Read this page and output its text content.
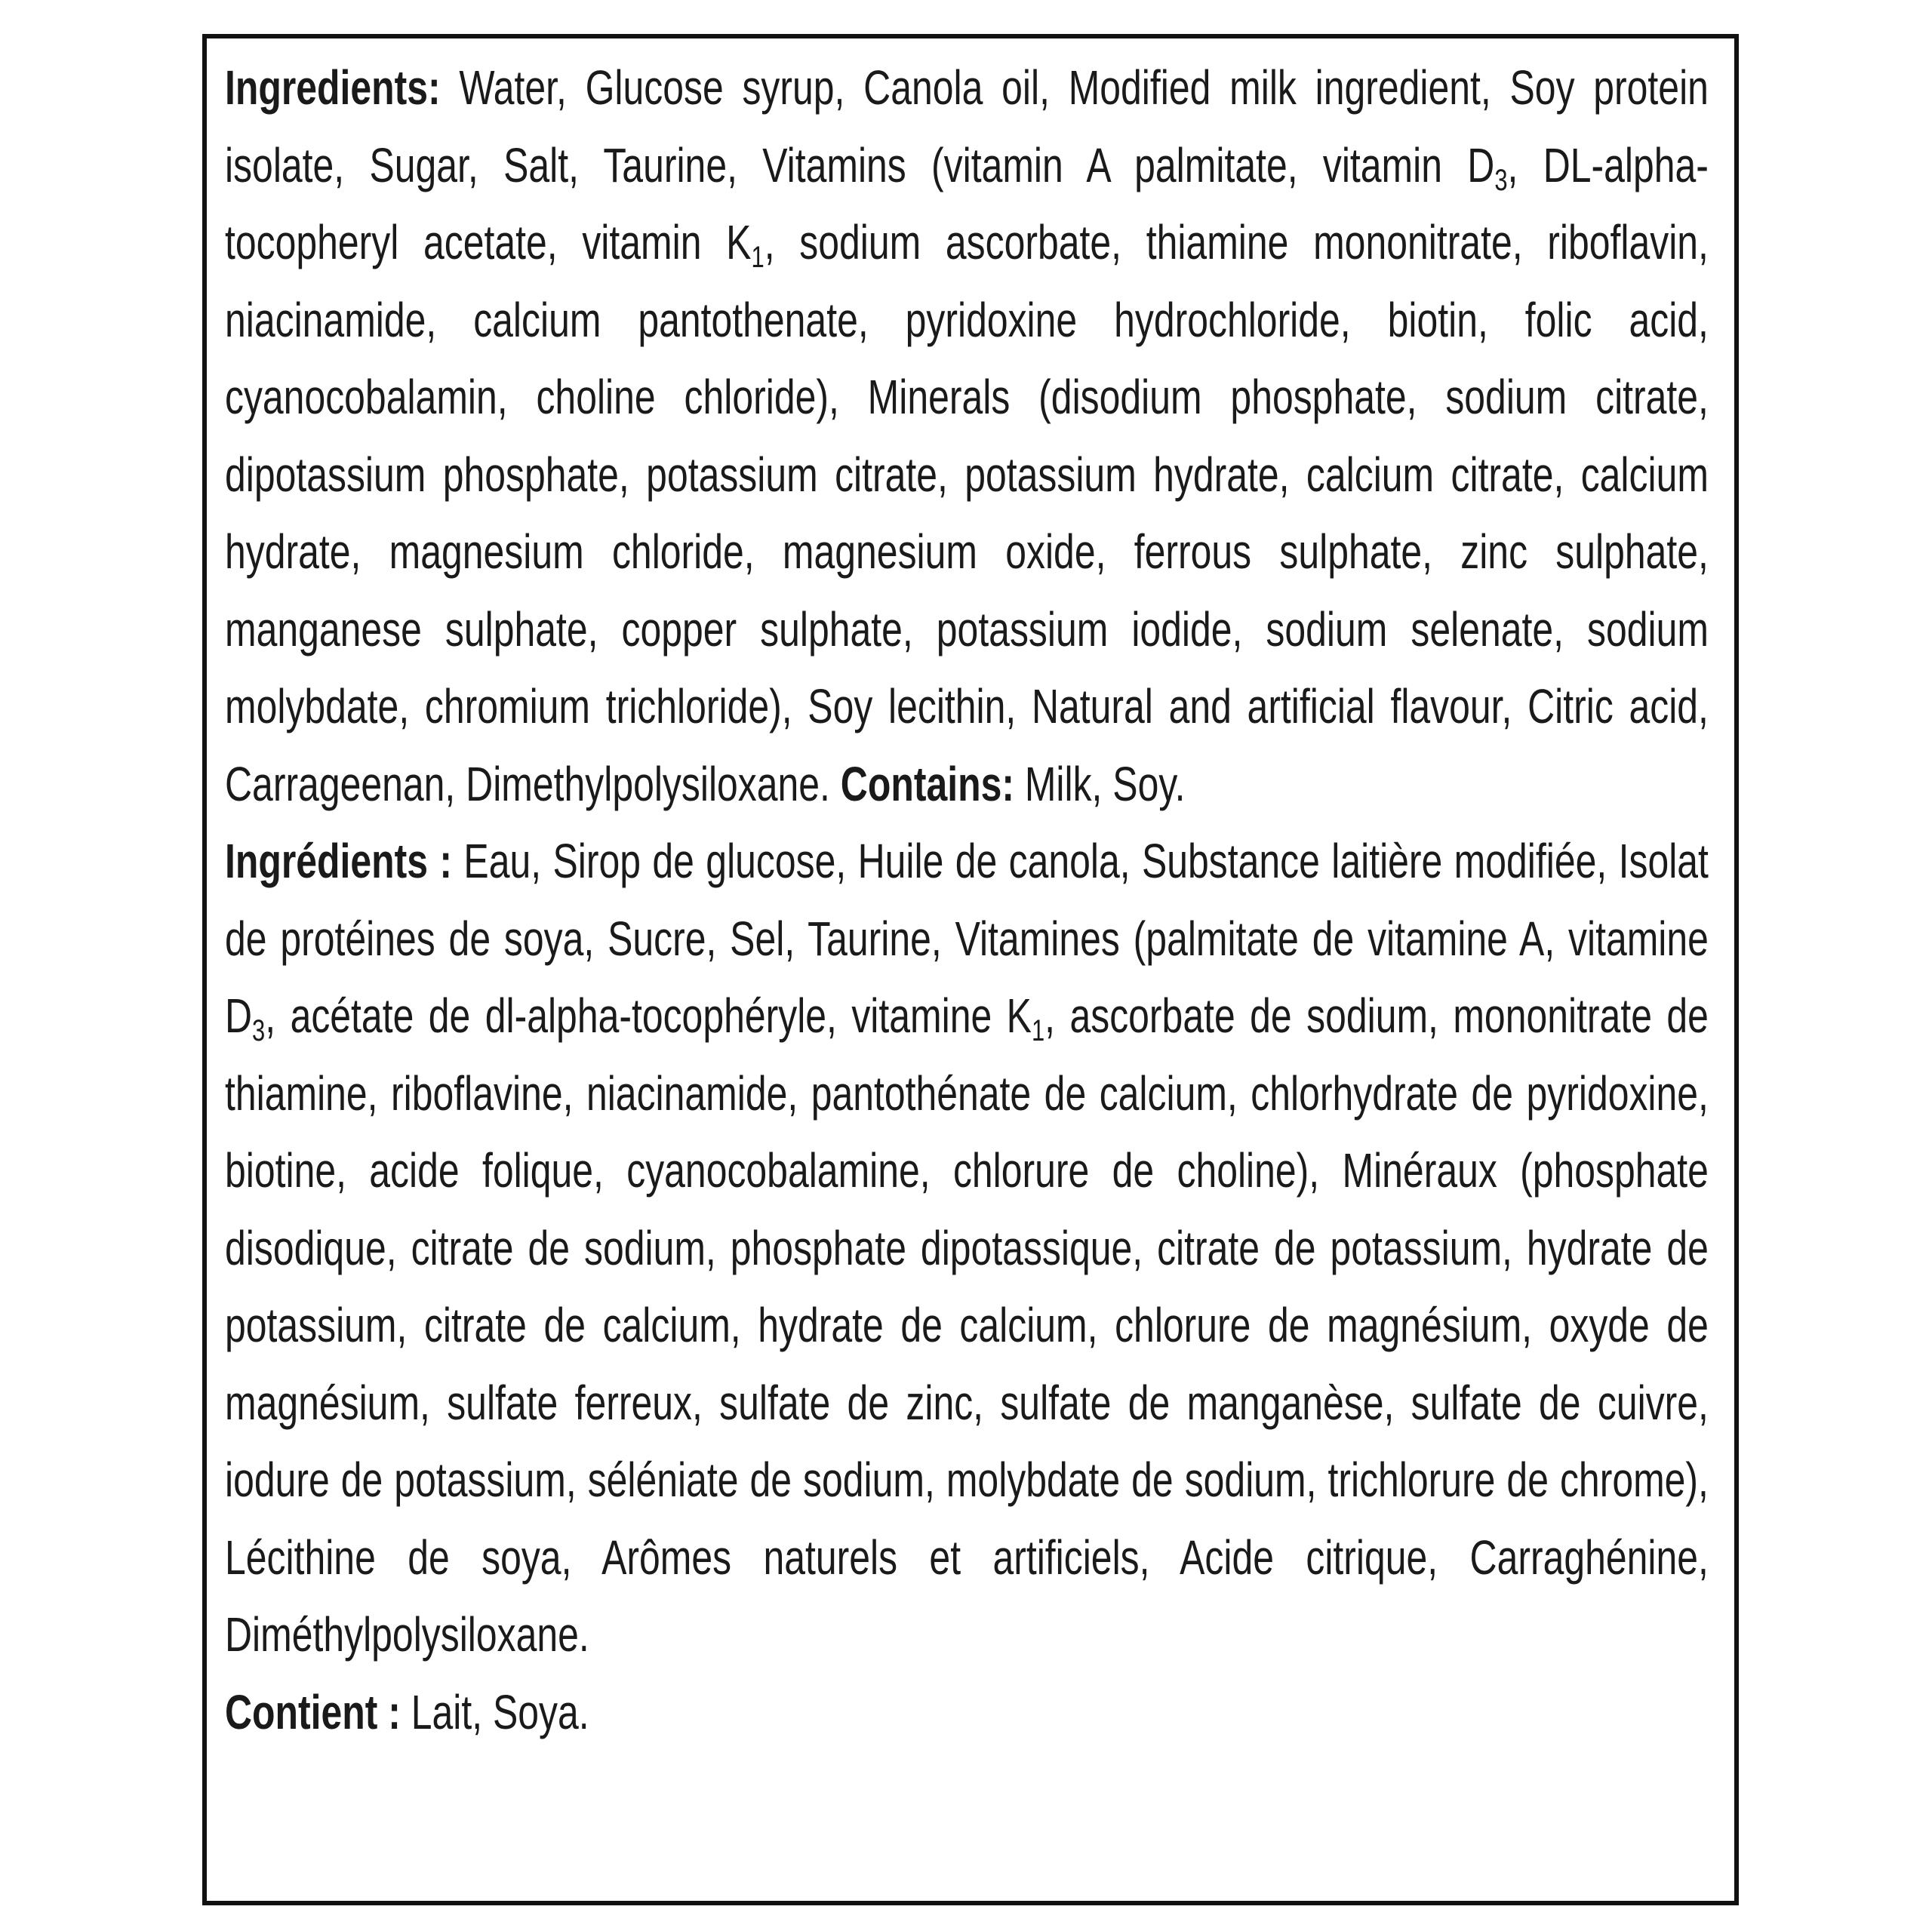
Ingredients: Water, Glucose syrup, Canola oil, Modified milk ingredient, Soy protein isolate, Sugar, Salt, Taurine, Vitamins (vitamin A palmitate, vitamin $D_3$, DL-alpha-tocopheryl acetate, vitamin $K_1$, sodium ascorbate, thiamine mononitrate, riboflavin, niacinamide, calcium pantothenate, pyridoxine hydrochloride, biotin, folic acid, cyanocobalamin, choline chloride), Minerals (disodium phosphate, sodium citrate, dipotassium phosphate, potassium citrate, potassium hydrate, calcium citrate, calcium hydrate, magnesium chloride, magnesium oxide, ferrous sulphate, zinc sulphate, manganese sulphate, copper sulphate, potassium iodide, sodium selenate, sodium molybdate, chromium trichloride), Soy lecithin, Natural and artificial flavour, Citric acid, Carrageenan, Dimethylpolysiloxane. Contains: Milk, Soy.

Ingrédients : Eau, Sirop de glucose, Huile de canola, Substance laitière modifiée, Isolat de protéines de soya, Sucre, Sel, Taurine, Vitamines (palmitate de vitamine A, vitamine $D_3$, acétate de dl-alpha-tocophéryle, vitamine $K_1$, ascorbate de sodium, mononitrate de thiamine, riboflavine, niacinamide, pantothénate de calcium, chlorhydrate de pyridoxine, biotine, acide folique, cyanocobalamine, chlorure de choline), Minéraux (phosphate disodique, citrate de sodium, phosphate dipotassique, citrate de potassium, hydrate de potassium, citrate de calcium, hydrate de calcium, chlorure de magnésium, oxyde de magnésium, sulfate ferreux, sulfate de zinc, sulfate de manganèse, sulfate de cuivre, iodure de potassium, séléniate de sodium, molybdate de sodium, trichlorure de chrome), Lécithine de soya, Arômes naturels et artificiels, Acide citrique, Carraghénine, Diméthylpolysiloxane.

Contient : Lait, Soya.
